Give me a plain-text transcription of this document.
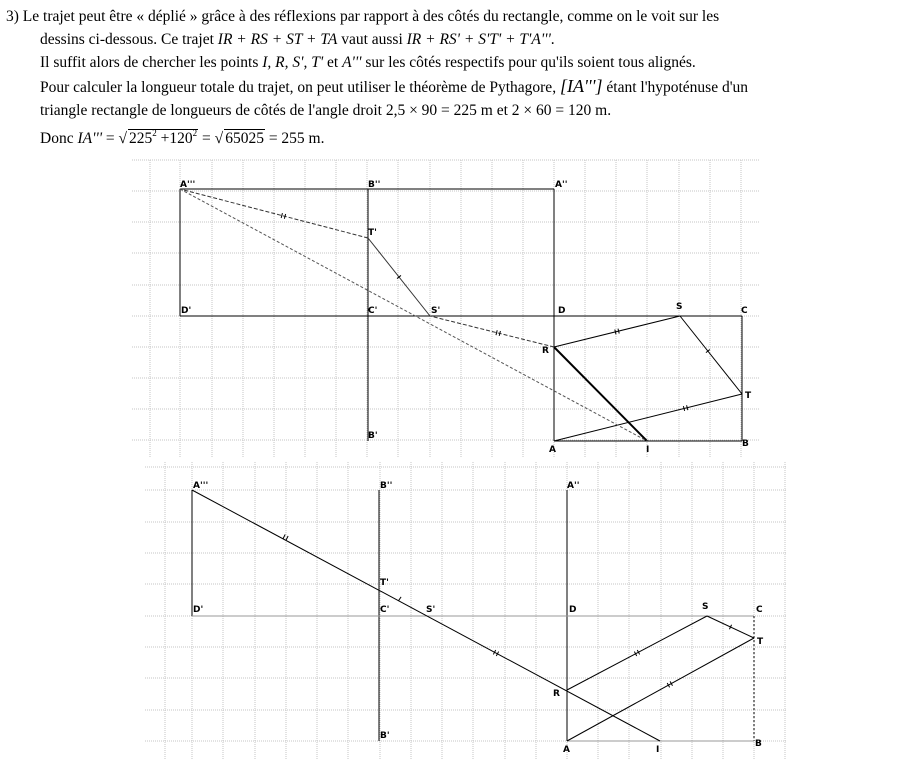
3) Le trajet peut être « déplié » grâce à des réflexions par rapport à des côtés du rectangle, comme on le voit sur les
dessins ci-dessous. Ce trajet IR + RS + ST + TA vaut aussi IR + RS' + S'T' + T'A'''.
Il suffit alors de chercher les points I, R, S', T' et A''' sur les côtés respectifs pour qu'ils soient tous alignés.
Pour calculer la longueur totale du trajet, on peut utiliser le théorème de Pythagore, [IA'''] étant l'hypoténuse d'un
triangle rectangle de longueurs de côtés de l'angle droit 2,5 × 90 = 225 m et 2 × 60 = 120 m.
Donc IA''' = √ $225^2 +120^2$ = √ 65025 = 255 m.
A'''	B''	A''
T'
D'	C'	S'	D	S	C
R
T
B'
A	I
B
A'''	B''	A''
T'
D'	C'	S'	D	S	C
R
T
B'
A	I
B
